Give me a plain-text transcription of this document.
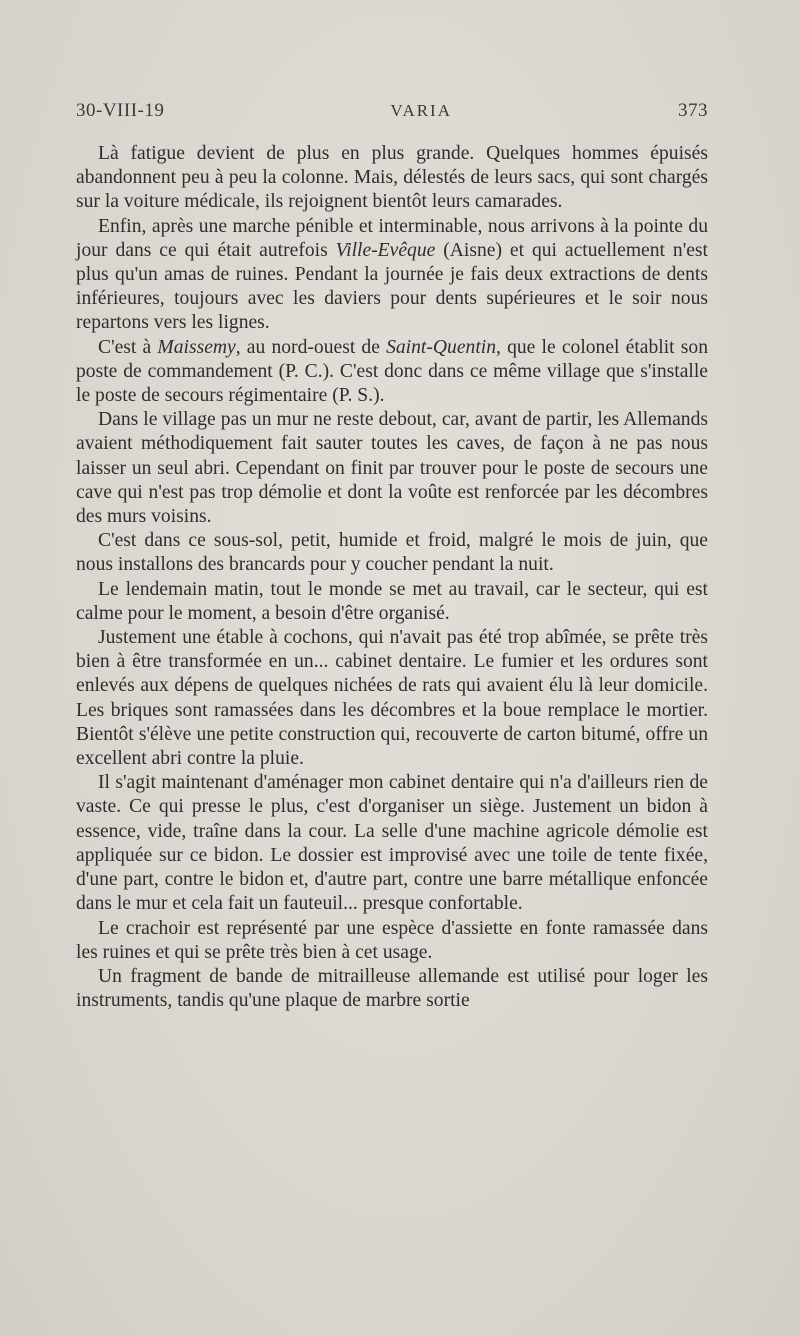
30-VIII-19	VARIA	373

Là fatigue devient de plus en plus grande. Quelques hommes épuisés abandonnent peu à peu la colonne. Mais, délestés de leurs sacs, qui sont chargés sur la voiture médicale, ils rejoignent bientôt leurs camarades.

Enfin, après une marche pénible et interminable, nous arrivons à la pointe du jour dans ce qui était autrefois Ville-Evêque (Aisne) et qui actuellement n'est plus qu'un amas de ruines. Pendant la journée je fais deux extractions de dents inférieures, toujours avec les daviers pour dents supérieures et le soir nous repartons vers les lignes.

C'est à Maissemy, au nord-ouest de Saint-Quentin, que le colonel établit son poste de commandement (P. C.). C'est donc dans ce même village que s'installe le poste de secours régimentaire (P. S.).

Dans le village pas un mur ne reste debout, car, avant de partir, les Allemands avaient méthodiquement fait sauter toutes les caves, de façon à ne pas nous laisser un seul abri. Cependant on finit par trouver pour le poste de secours une cave qui n'est pas trop démolie et dont la voûte est renforcée par les décombres des murs voisins.

C'est dans ce sous-sol, petit, humide et froid, malgré le mois de juin, que nous installons des brancards pour y coucher pendant la nuit.

Le lendemain matin, tout le monde se met au travail, car le secteur, qui est calme pour le moment, a besoin d'être organisé.

Justement une étable à cochons, qui n'avait pas été trop abîmée, se prête très bien à être transformée en un... cabinet dentaire. Le fumier et les ordures sont enlevés aux dépens de quelques nichées de rats qui avaient élu là leur domicile. Les briques sont ramassées dans les décombres et la boue remplace le mortier. Bientôt s'élève une petite construction qui, recouverte de carton bitumé, offre un excellent abri contre la pluie.

Il s'agit maintenant d'aménager mon cabinet dentaire qui n'a d'ailleurs rien de vaste. Ce qui presse le plus, c'est d'organiser un siège. Justement un bidon à essence, vide, traîne dans la cour. La selle d'une machine agricole démolie est appliquée sur ce bidon. Le dossier est improvisé avec une toile de tente fixée, d'une part, contre le bidon et, d'autre part, contre une barre métallique enfoncée dans le mur et cela fait un fauteuil... presque confortable.

Le crachoir est représenté par une espèce d'assiette en fonte ramassée dans les ruines et qui se prête très bien à cet usage.

Un fragment de bande de mitrailleuse allemande est utilisé pour loger les instruments, tandis qu'une plaque de marbre sortie
